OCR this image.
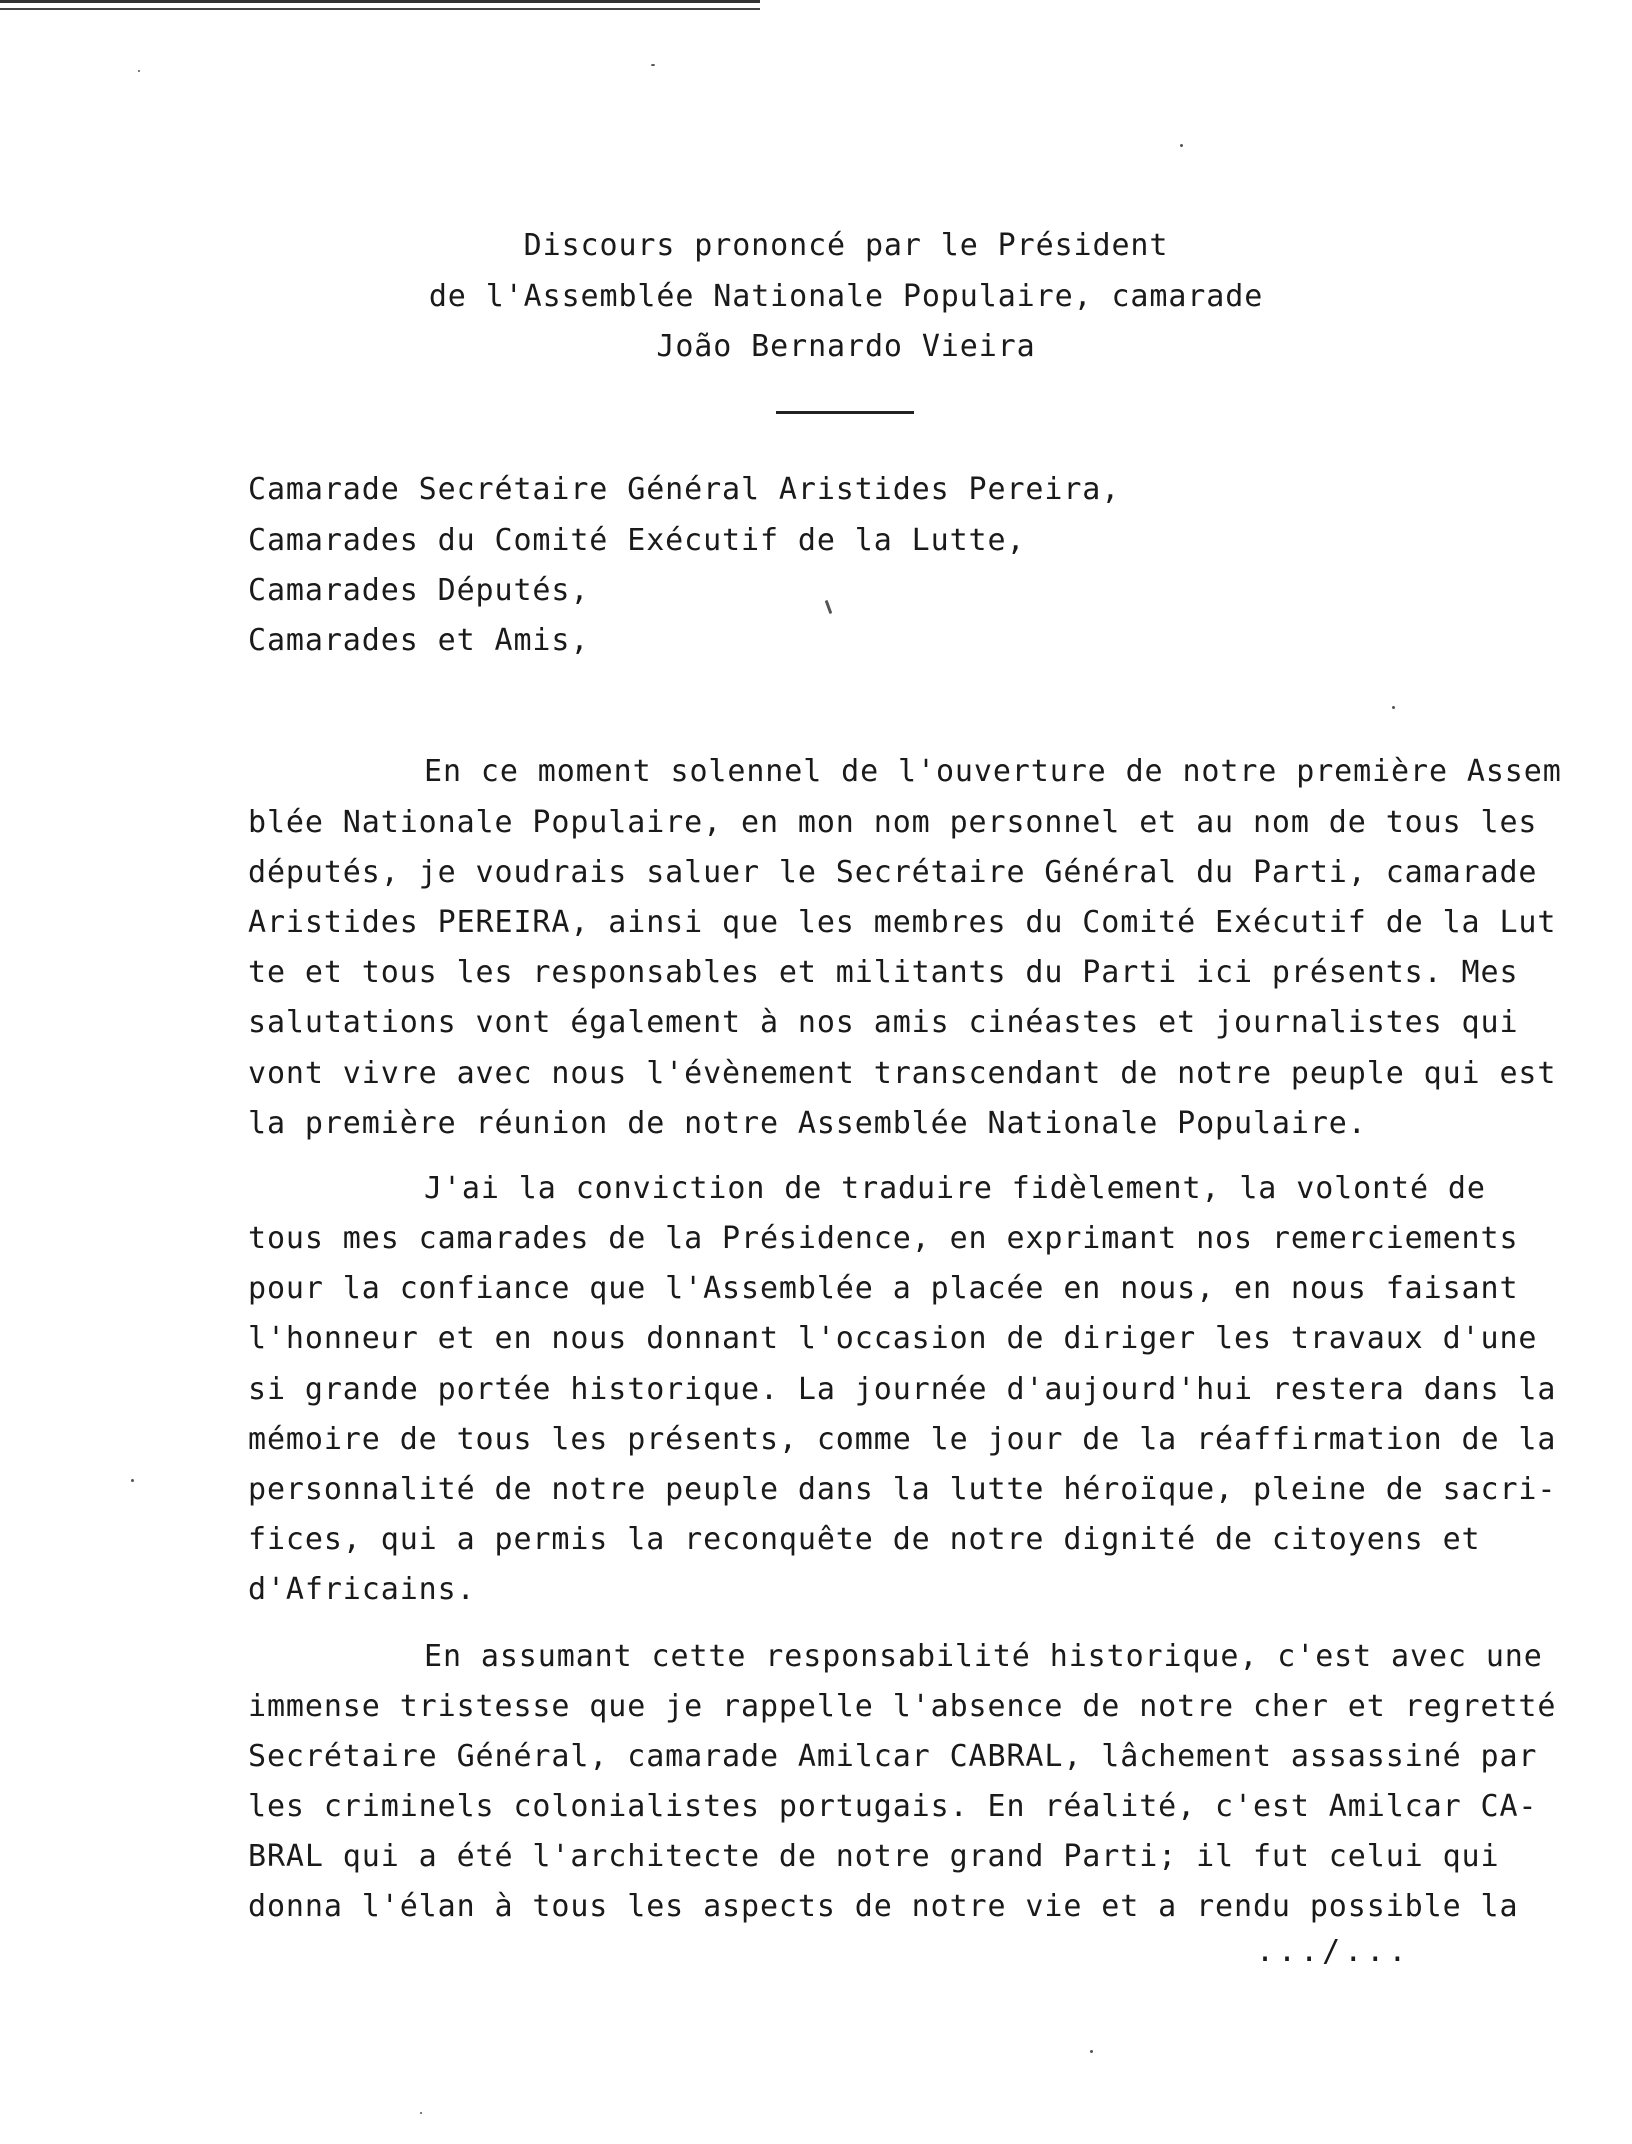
Discours prononcé par le Président
de l'Assemblée Nationale Populaire, camarade
João Bernardo Vieira
Camarade Secrétaire Général Aristides Pereira,
Camarades du Comité Exécutif de la Lutte,
Camarades Députés,
Camarades et Amis,
En ce moment solennel de l'ouverture de notre première Assem
blée Nationale Populaire, en mon nom personnel et au nom de tous les
députés, je voudrais saluer le Secrétaire Général du Parti, camarade
Aristides PEREIRA, ainsi que les membres du Comité Exécutif de la Lut
te et tous les responsables et militants du Parti ici présents. Mes
salutations vont également à nos amis cinéastes et journalistes qui
vont vivre avec nous l'évènement transcendant de notre peuple qui est
la première réunion de notre Assemblée Nationale Populaire.
J'ai la conviction de traduire fidèlement, la volonté de
tous mes camarades de la Présidence, en exprimant nos remerciements
pour la confiance que l'Assemblée a placée en nous, en nous faisant
l'honneur et en nous donnant l'occasion de diriger les travaux d'une
si grande portée historique. La journée d'aujourd'hui restera dans la
mémoire de tous les présents, comme le jour de la réaffirmation de la
personnalité de notre peuple dans la lutte héroïque, pleine de sacri-
fices, qui a permis la reconquête de notre dignité de citoyens et
d'Africains.
En assumant cette responsabilité historique, c'est avec une
immense tristesse que je rappelle l'absence de notre cher et regretté
Secrétaire Général, camarade Amilcar CABRAL, lâchement assassiné par
les criminels colonialistes portugais. En réalité, c'est Amilcar CA-
BRAL qui a été l'architecte de notre grand Parti; il fut celui qui
donna l'élan à tous les aspects de notre vie et a rendu possible la
.../...
